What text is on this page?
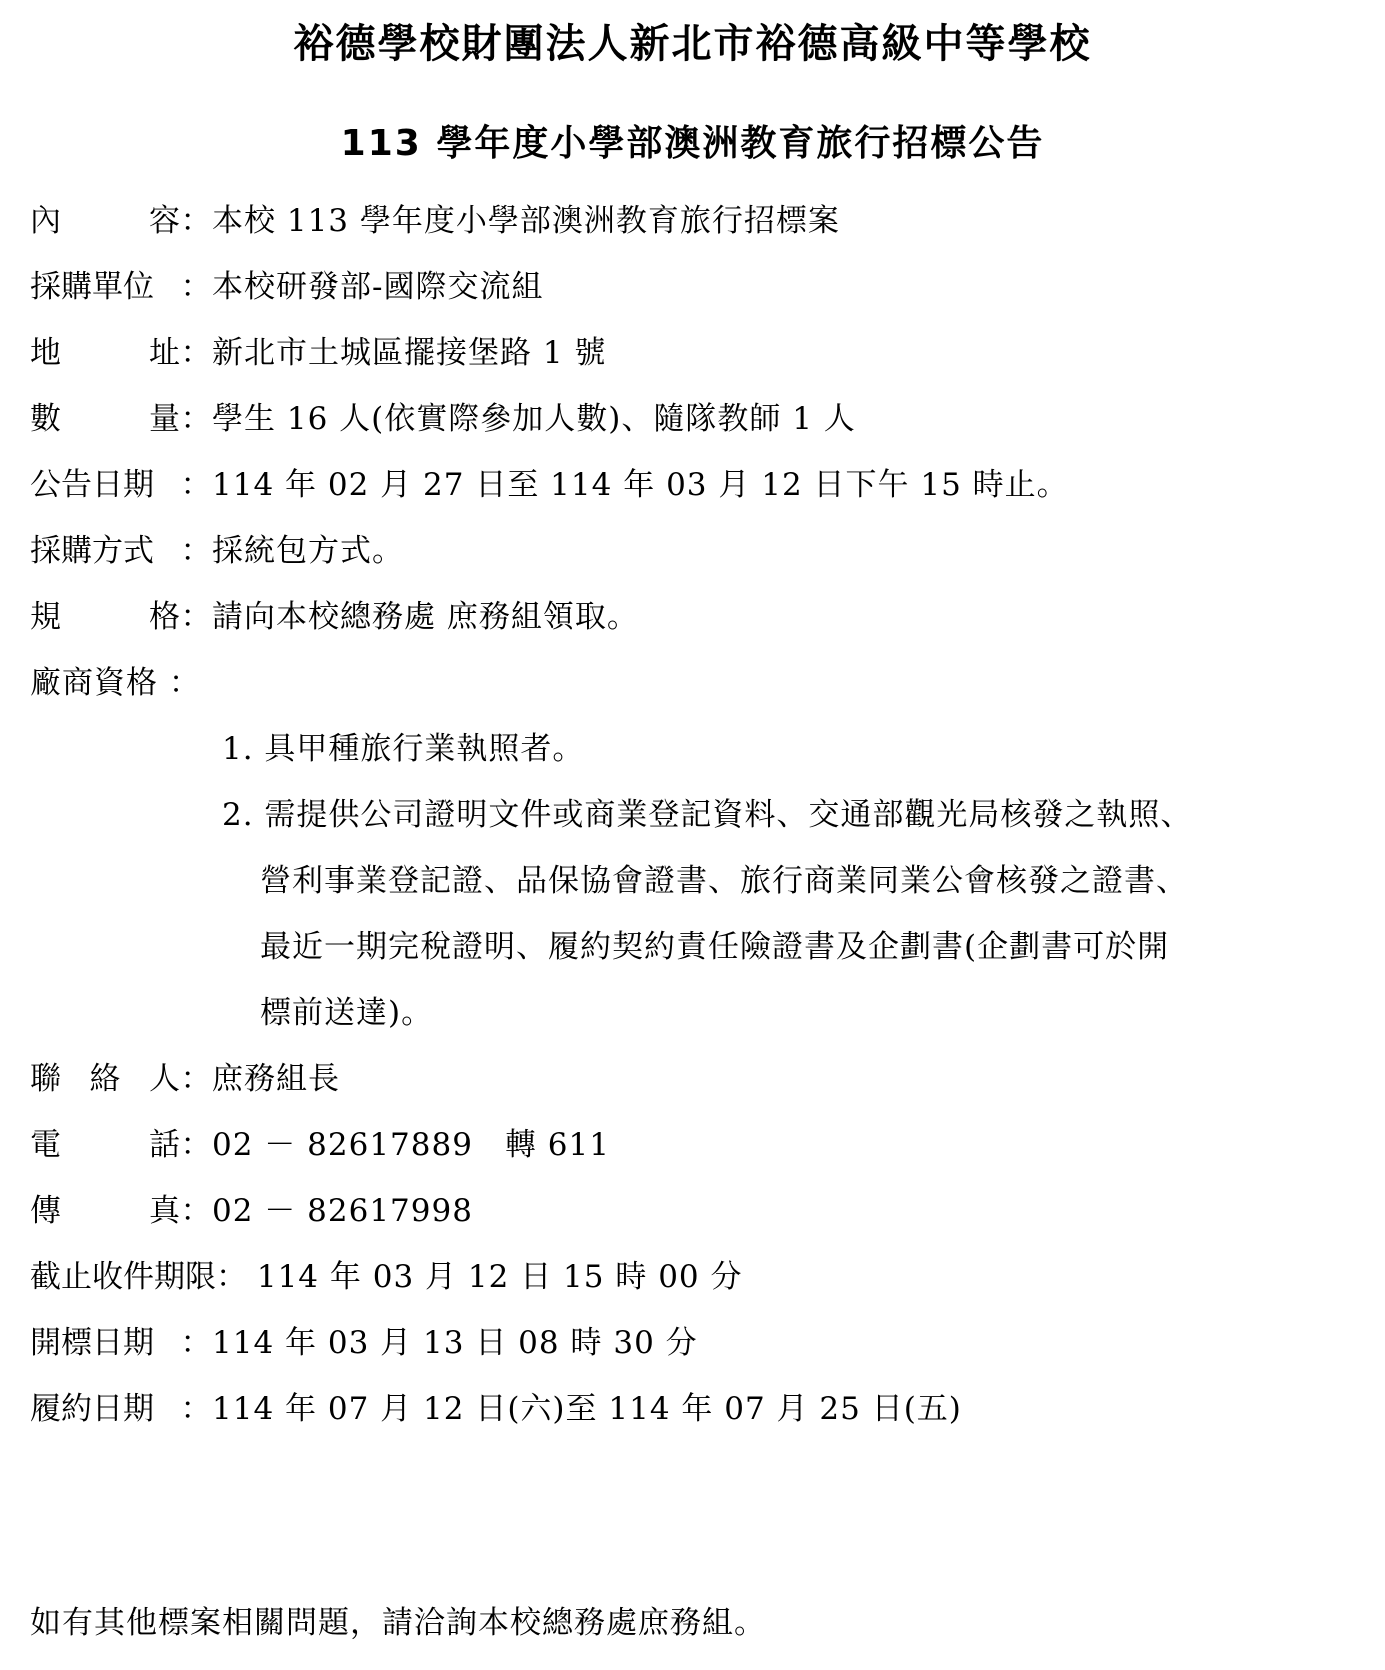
裕德學校財團法人新北市裕德高級中等學校
113 學年度小學部澳洲教育旅行招標公告
內	容 ：本校 113 學年度小學部澳洲教育旅行招標案
採購單位 ：本校研發部-國際交流組
地	址 ：新北市土城區擺接堡路 1 號
數	量 ：學生 16 人(依實際參加人數)、隨隊教師 1 人
公告日期 ：114 年 02 月 27 日至 114 年 03 月 12 日下午 15 時止。
採購方式 ：採統包方式。
規	格 ：請向本校總務處 庶務組領取。
廠商資格 ：
1. 具甲種旅行業執照者。
2. 需提供公司證明文件或商業登記資料、交通部觀光局核發之執照、
營利事業登記證、品保協會證書、旅行商業同業公會核發之證書、
最近一期完稅證明、履約契約責任險證書及企劃書(企劃書可於開
標前送達)。
聯 絡 人 ：庶務組長
電	話 ：02 － 82617889　轉 611
傳	真 ：02 － 82617998
截止收件期限： 114 年 03 月 12 日 15 時 00 分
開標日期 ：114 年 03 月 13 日 08 時 30 分
履約日期 ：114 年 07 月 12 日(六)至 114 年 07 月 25 日(五)
如有其他標案相關問題，請洽詢本校總務處庶務組。
